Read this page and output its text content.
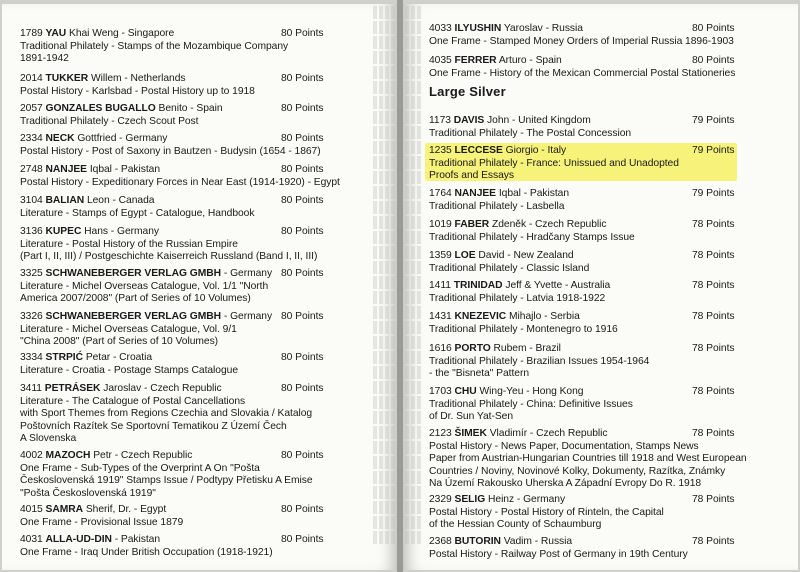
1789 YAU Khai Weng - Singapore	80 Points
Traditional Philately - Stamps of the Mozambique Company
1891-1942
2014 TUKKER Willem - Netherlands	80 Points
Postal History - Karlsbad - Postal History up to 1918
2057 GONZALES BUGALLO Benito - Spain	80 Points
Traditional Philately - Czech Scout Post
2334 NECK Gottfried - Germany	80 Points
Postal History - Post of Saxony in Bautzen - Budysin (1654 - 1867)
2748 NANJEE Iqbal - Pakistan	80 Points
Postal History - Expeditionary Forces in Near East (1914-1920) - Egypt
3104 BALIAN Leon - Canada	80 Points
Literature - Stamps of Egypt - Catalogue, Handbook
3136 KUPEC Hans - Germany	80 Points
Literature - Postal History of the Russian Empire
(Part I, II, III) / Postgeschichte Kaiserreich Russland (Band I, II, III)
3325 SCHWANEBERGER VERLAG GMBH - Germany 80 Points
Literature - Michel Overseas Catalogue, Vol. 1/1 "North
America 2007/2008" (Part of Series of 10 Volumes)
3326 SCHWANEBERGER VERLAG GMBH - Germany 80 Points
Literature - Michel Overseas Catalogue, Vol. 9/1
"China 2008" (Part of Series of 10 Volumes)
3334 STRPIĆ Petar - Croatia	80 Points
Literature - Croatia - Postage Stamps Catalogue
3411 PETRÁSEK Jaroslav - Czech Republic	80 Points
Literature - The Catalogue of Postal Cancellations
with Sport Themes from Regions Czechia and Slovakia / Katalog
Poštovních Razítek Se Sportovní Tematikou Z Území Čech
A Slovenska
4002 MAZOCH Petr - Czech Republic	80 Points
One Frame - Sub-Types of the Overprint A On "Pošta
Československá 1919" Stamps Issue / Podtypy Přetisku A Emise
"Pošta Československá 1919"
4015 SAMRA Sherif, Dr. - Egypt	80 Points
One Frame - Provisional Issue 1879
4031 ALLA-UD-DIN - Pakistan	80 Points
One Frame - Iraq Under British Occupation (1918-1921)
Large Silver
4033 ILYUSHIN Yaroslav - Russia	80 Points
One Frame - Stamped Money Orders of Imperial Russia 1896-1903
4035 FERRER Arturo - Spain	80 Points
One Frame - History of the Mexican Commercial Postal Stationeries
1173 DAVIS John - United Kingdom	79 Points
Traditional Philately - The Postal Concession
1235 LECCESE Giorgio - Italy	79 Points
Traditional Philately - France: Unissued and Unadopted
Proofs and Essays
1764 NANJEE Iqbal - Pakistan	79 Points
Traditional Philately - Lasbella
1019 FABER Zdeněk - Czech Republic	78 Points
Traditional Philately - Hradčany Stamps Issue
1359 LOE David - New Zealand	78 Points
Traditional Philately - Classic Island
1411 TRINIDAD Jeff & Yvette - Australia	78 Points
Traditional Philately - Latvia 1918-1922
1431 KNEZEVIC Mihajlo - Serbia	78 Points
Traditional Philately - Montenegro to 1916
1616 PORTO Rubem - Brazil	78 Points
Traditional Philately - Brazilian Issues 1954-1964
- the "Bisneta" Pattern
1703 CHU Wing-Yeu - Hong Kong	78 Points
Traditional Philately - China: Definitive Issues
of Dr. Sun Yat-Sen
2123 ŠIMEK Vladimír - Czech Republic	78 Points
Postal History - News Paper, Documentation, Stamps News
Paper from Austrian-Hungarian Countries till 1918 and West European
Countries / Noviny, Novinové Kolky, Dokumenty, Razítka, Známky
Na Území Rakousko Uherska A Západní Evropy Do R. 1918
2329 SELIG Heinz - Germany	78 Points
Postal History - Postal History of Rinteln, the Capital
of the Hessian County of Schaumburg
2368 BUTORIN Vadim - Russia	78 Points
Postal History - Railway Post of Germany in 19th Century
